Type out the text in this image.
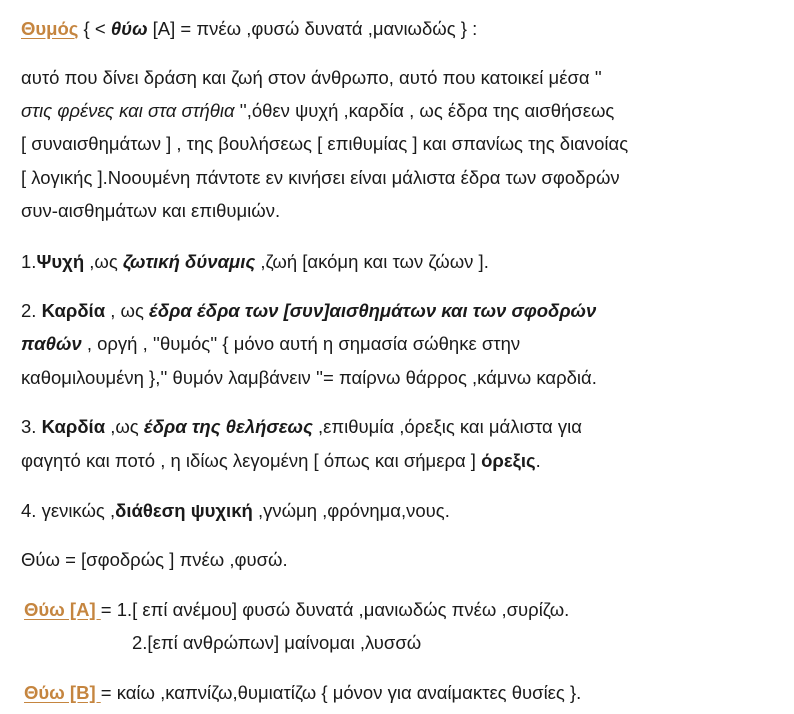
Θυμός { < θύω [Α] = πνέω ,φυσώ δυνατά ,μανιωδώς } :
αυτό που δίνει δράση και ζωή στον άνθρωπο, αυτό που κατοικεί μέσα ''
στις φρένες και στα στήθια '',όθεν ψυχή ,καρδία , ως έδρα της αισθήσεως
[ συναισθημάτων ] , της βουλήσεως [ επιθυμίας ] και σπανίως της διανοίας
[ λογικής ].Νοουμένη πάντοτε εν κινήσει είναι μάλιστα έδρα των σφοδρών
συν-αισθημάτων και επιθυμιών.
1.Ψυχή ,ως ζωτική δύναμις ,ζωή [ακόμη και των ζώων ].
2. Καρδία , ως έδρα έδρα των [συν]αισθημάτων και των σφοδρών
παθών , οργή , ''θυμός'' { μόνο αυτή η σημασία σώθηκε στην
καθομιλουμένη },'' θυμόν λαμβάνειν ''= παίρνω θάρρος ,κάμνω καρδιά.
3. Καρδία ,ως έδρα της θελήσεως ,επιθυμία ,όρεξις και μάλιστα για
φαγητό και ποτό , η ιδίως λεγομένη [ όπως και σήμερα ] όρεξις.
4. γενικώς ,διάθεση ψυχική ,γνώμη ,φρόνημα,νους.
Θύω = [σφοδρώς ] πνέω ,φυσώ.
Θύω [Α] = 1.[ επί ανέμου] φυσώ δυνατά ,μανιωδώς πνέω ,συρίζω.
2.[επί ανθρώπων] μαίνομαι ,λυσσώ
Θύω [Β] = καίω ,καπνίζω,θυμιατίζω { μόνον για αναίμακτες θυσίες }.
